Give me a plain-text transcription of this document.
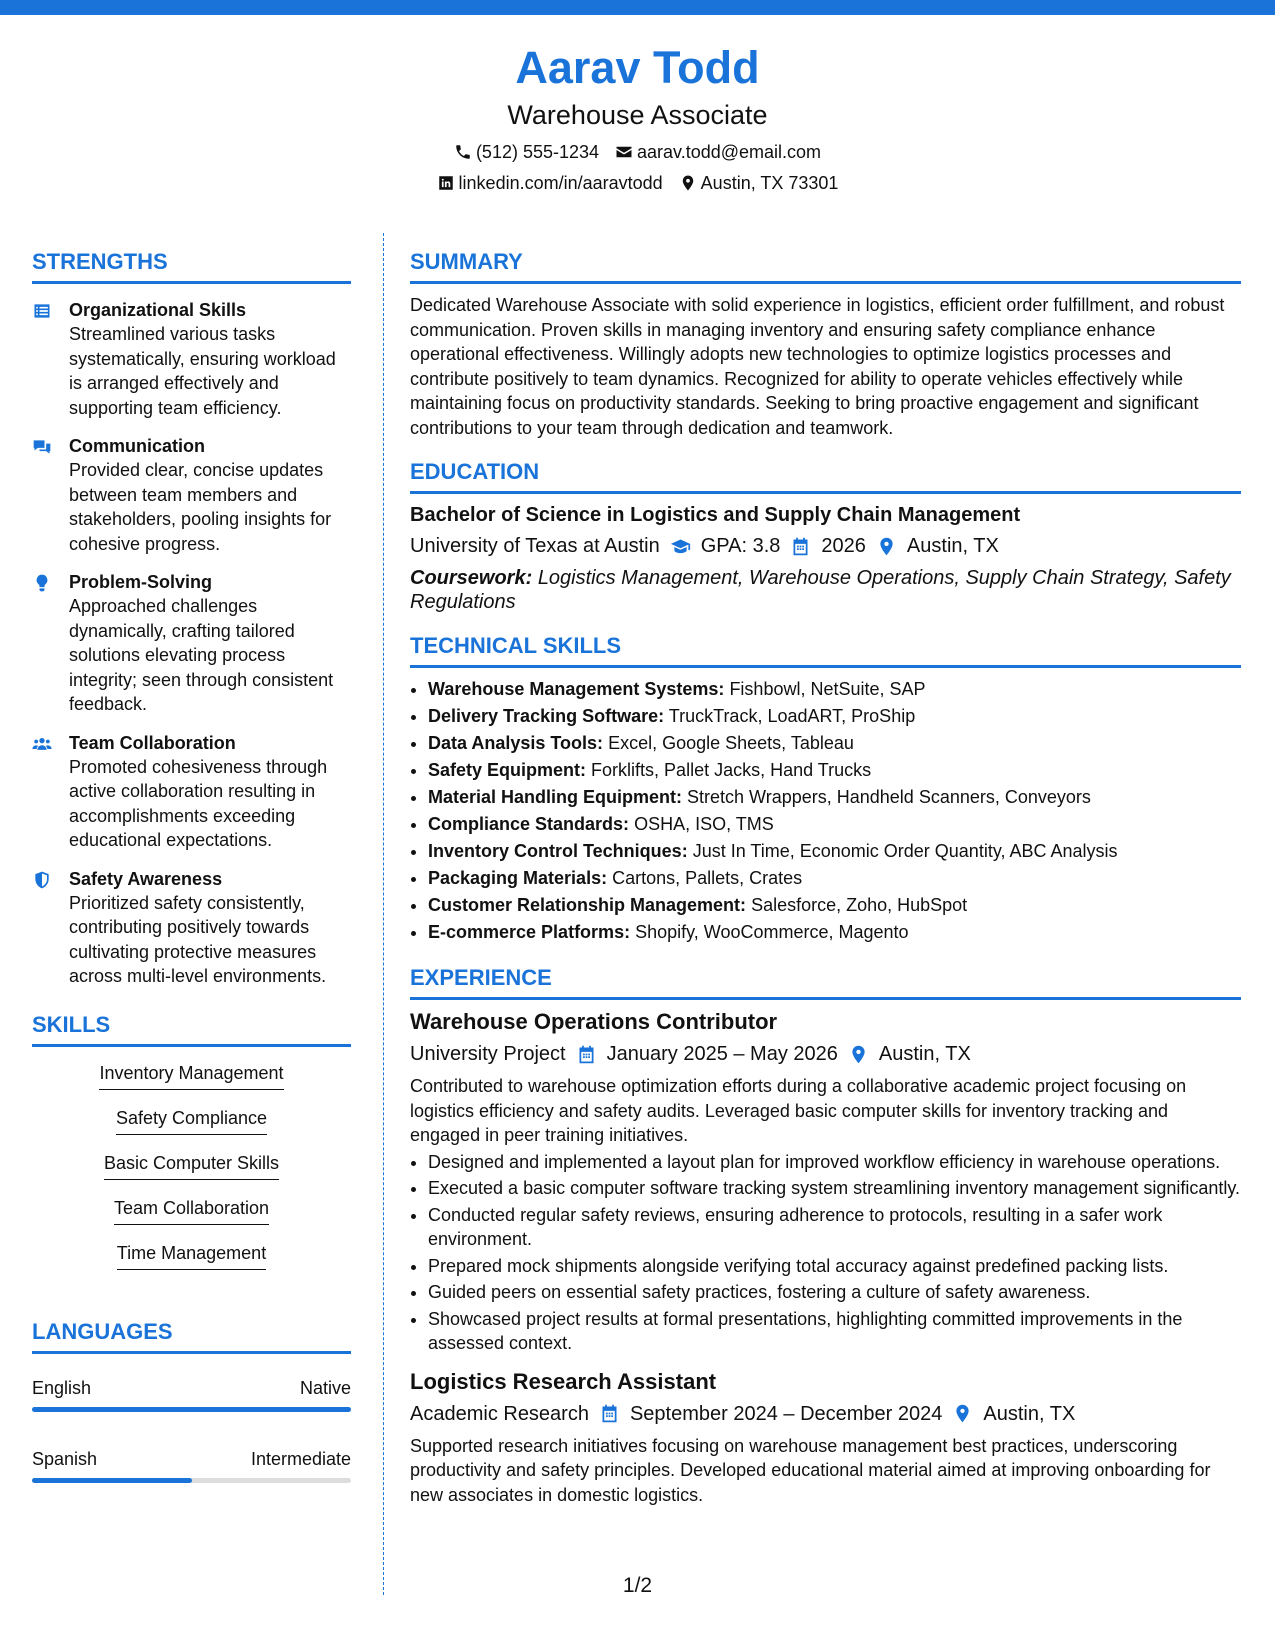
Aarav Todd
Warehouse Associate
(512) 555-1234 aarav.todd@email.com
linkedin.com/in/aaravtodd Austin, TX 73301
STRENGTHS
Organizational Skills
Streamlined various tasks systematically, ensuring workload is arranged effectively and supporting team efficiency.
Communication
Provided clear, concise updates between team members and stakeholders, pooling insights for cohesive progress.
Problem-Solving
Approached challenges dynamically, crafting tailored solutions elevating process integrity; seen through consistent feedback.
Team Collaboration
Promoted cohesiveness through active collaboration resulting in accomplishments exceeding educational expectations.
Safety Awareness
Prioritized safety consistently, contributing positively towards cultivating protective measures across multi-level environments.
SKILLS
Inventory Management
Safety Compliance
Basic Computer Skills
Team Collaboration
Time Management
LANGUAGES
English	Native
Spanish	Intermediate
SUMMARY
Dedicated Warehouse Associate with solid experience in logistics, efficient order fulfillment, and robust communication. Proven skills in managing inventory and ensuring safety compliance enhance operational effectiveness. Willingly adopts new technologies to optimize logistics processes and contribute positively to team dynamics. Recognized for ability to operate vehicles effectively while maintaining focus on productivity standards. Seeking to bring proactive engagement and significant contributions to your team through dedication and teamwork.
EDUCATION
Bachelor of Science in Logistics and Supply Chain Management
University of Texas at Austin GPA: 3.8 2026 Austin, TX
Coursework: Logistics Management, Warehouse Operations, Supply Chain Strategy, Safety Regulations
TECHNICAL SKILLS
• Warehouse Management Systems: Fishbowl, NetSuite, SAP
• Delivery Tracking Software: TruckTrack, LoadART, ProShip
• Data Analysis Tools: Excel, Google Sheets, Tableau
• Safety Equipment: Forklifts, Pallet Jacks, Hand Trucks
• Material Handling Equipment: Stretch Wrappers, Handheld Scanners, Conveyors
• Compliance Standards: OSHA, ISO, TMS
• Inventory Control Techniques: Just In Time, Economic Order Quantity, ABC Analysis
• Packaging Materials: Cartons, Pallets, Crates
• Customer Relationship Management: Salesforce, Zoho, HubSpot
• E-commerce Platforms: Shopify, WooCommerce, Magento
EXPERIENCE
Warehouse Operations Contributor
University Project January 2025 – May 2026 Austin, TX
Contributed to warehouse optimization efforts during a collaborative academic project focusing on logistics efficiency and safety audits. Leveraged basic computer skills for inventory tracking and engaged in peer training initiatives.
• Designed and implemented a layout plan for improved workflow efficiency in warehouse operations.
• Executed a basic computer software tracking system streamlining inventory management significantly.
• Conducted regular safety reviews, ensuring adherence to protocols, resulting in a safer work environment.
• Prepared mock shipments alongside verifying total accuracy against predefined packing lists.
• Guided peers on essential safety practices, fostering a culture of safety awareness.
• Showcased project results at formal presentations, highlighting committed improvements in the assessed context.
Logistics Research Assistant
Academic Research September 2024 – December 2024 Austin, TX
Supported research initiatives focusing on warehouse management best practices, underscoring productivity and safety principles. Developed educational material aimed at improving onboarding for new associates in domestic logistics.
1/2
